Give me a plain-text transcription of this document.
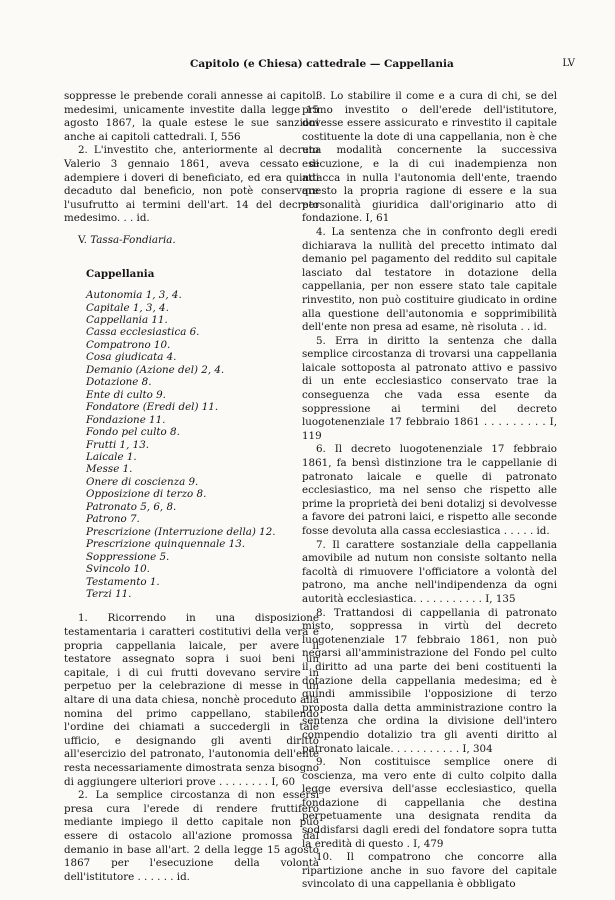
Capitolo (e Chiesa) cattedrale — Cappellania	LV

soppresse le prebende corali annesse ai capitoli medesimi, unicamente investite dalla legge 15 agosto 1867, la quale estese le sue sanzioni anche ai capitoli cattedrali. I, 556

2. L'investito che, anteriormente al decreto Valerio 3 gennaio 1861, aveva cessato di adempiere i doveri di beneficiato, ed era quindi decaduto dal beneficio, non potè conservare l'usufrutto ai termini dell'art. 14 del decreto medesimo. . . id.

V. Tassa-Fondiaria.
Cappellania
Autonomia 1, 3, 4.
Capitale 1, 3, 4.
Cappellania 11.
Cassa ecclesiastica 6.
Compatrono 10.
Cosa giudicata 4.
Demanio (Azione del) 2, 4.
Dotazione 8.
Ente di culto 9.
Fondatore (Eredi del) 11.
Fondazione 11.
Fondo pel culto 8.
Frutti 1, 13.
Laicale 1.
Messe 1.
Onere di coscienza 9.
Opposizione di terzo 8.
Patronato 5, 6, 8.
Patrono 7.
Prescrizione (Interruzione della) 12.
Prescrizione quinquennale 13.
Soppressione 5.
Svincolo 10.
Testamento 1.
Terzi 11.

1. Ricorrendo in una disposizione testamentaria i caratteri costitutivi della vera e propria cappellania laicale, per avere il testatore assegnato sopra i suoi beni un capitale, i di cui frutti dovevano servire in perpetuo per la celebrazione di messe in un altare di una data chiesa, nonchè proceduto alla nomina del primo cappellano, stabilendo l'ordine dei chiamati a succedergli in tale ufficio, e designando gli aventi diritto all'esercizio del patronato, l'autonomia dell'ente resta necessariamente dimostrata senza bisogno di aggiungere ulteriori prove . . . . . . . . I, 60

2. La semplice circostanza di non essersi presa cura l'erede di rendere fruttifero mediante impiego il detto capitale non può essere di ostacolo all'azione promossa dal demanio in base all'art. 2 della legge 15 agosto 1867 per l'esecuzione della volontà dell'istitutore . . . . . . id.

3. Lo stabilire il come e a cura di chi, se del primo investito o dell'erede dell'istitutore, dovesse essere assicurato e rinvestito il capitale costituente la dote di una cappellania, non è che una modalità concernente la successiva esecuzione, e la di cui inadempienza non attacca in nulla l'autonomia dell'ente, traendo questo la propria ragione di essere e la sua personalità giuridica dall'originario atto di fondazione. I, 61

4. La sentenza che in confronto degli eredi dichiarava la nullità del precetto intimato dal demanio pel pagamento del reddito sul capitale lasciato dal testatore in dotazione della cappellania, per non essere stato tale capitale rinvestito, non può costituire giudicato in ordine alla questione dell'autonomia e sopprimibilità dell'ente non presa ad esame, nè risoluta . . id.

5. Erra in diritto la sentenza che dalla semplice circostanza di trovarsi una cappellania laicale sottoposta al patronato attivo e passivo di un ente ecclesiastico conservato trae la conseguenza che vada essa esente da soppressione ai termini del decreto luogotenenziale 17 febbraio 1861 . . . . . . . . . I, 119

6. Il decreto luogotenenziale 17 febbraio 1861, fa bensì distinzione tra le cappellanie di patronato laicale e quelle di patronato ecclesiastico, ma nel senso che rispetto alle prime la proprietà dei beni dotalizj si devolvesse a favore dei patroni laici, e rispetto alle seconde fosse devoluta alla cassa ecclesiastica . . . . . id.

7. Il carattere sostanziale della cappellania amovibile ad nutum non consiste soltanto nella facoltà di rimuovere l'officiatore a volontà del patrono, ma anche nell'indipendenza da ogni autorità ecclesiastica. . . . . . . . . . . I, 135

8. Trattandosi di cappellania di patronato misto, soppressa in virtù del decreto luogotenenziale 17 febbraio 1861, non può negarsi all'amministrazione del Fondo pel culto il diritto ad una parte dei beni costituenti la dotazione della cappellania medesima; ed è quindi ammissibile l'opposizione di terzo proposta dalla detta amministrazione contro la sentenza che ordina la divisione dell'intero compendio dotalizio tra gli aventi diritto al patronato laicale. . . . . . . . . . . I, 304

9. Non costituisce semplice onere di coscienza, ma vero ente di culto colpito dalla legge eversiva dell'asse ecclesiastico, quella fondazione di cappellania che destina perpetuamente una designata rendita da soddisfarsi dagli eredi del fondatore sopra tutta la eredità di questo . I, 479

10. Il compatrono che concorre alla ripartizione anche in suo favore del capitale svincolato di una cappellania è obbligato
